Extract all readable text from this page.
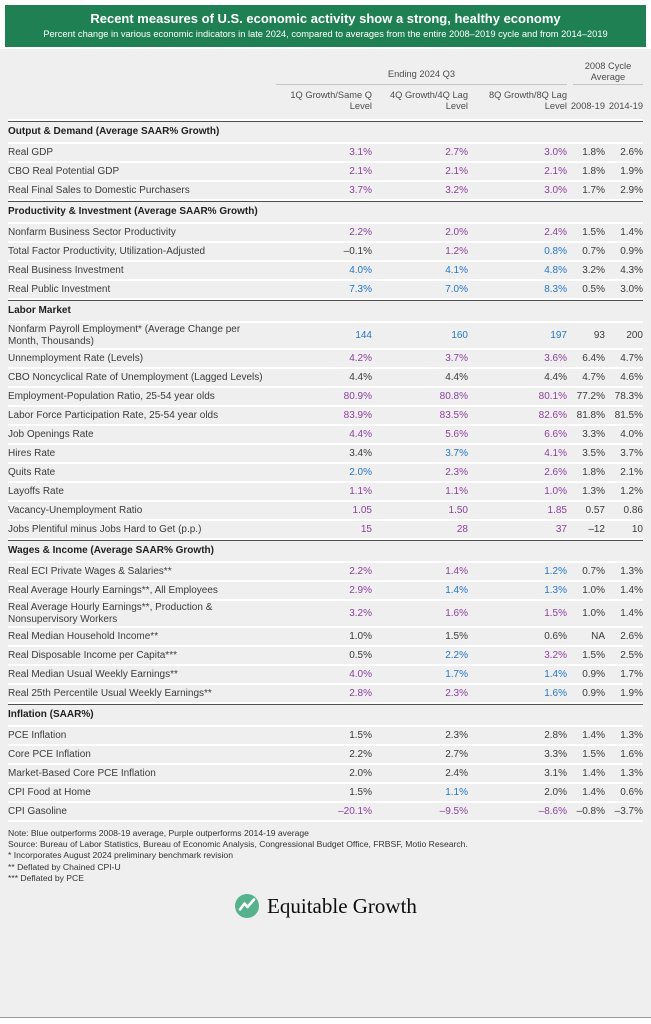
Recent measures of U.S. economic activity show a strong, healthy economy
Percent change in various economic indicators in late 2024, compared to averages from the entire 2008–2019 cycle and from 2014–2019
Ending 2024 Q3
2008 Cycle Average
1Q Growth/Same Q Level
4Q Growth/4Q Lag Level
8Q Growth/8Q Lag Level 2008-19 2014-19
Output & Demand (Average SAAR% Growth)
Real GDP	3.1%	2.7%	3.0%	1.8%	2.6%
CBO Real Potential GDP	2.1%	2.1%	2.1%	1.8%	1.9%
Real Final Sales to Domestic Purchasers	3.7%	3.2%	3.0%	1.7%	2.9%
Productivity & Investment (Average SAAR% Growth)
Nonfarm Business Sector Productivity	2.2%	2.0%	2.4%	1.5%	1.4%
Total Factor Productivity, Utilization-Adjusted	–0.1%	1.2%	0.8%	0.7%	0.9%
Real Business Investment	4.0%	4.1%	4.8%	3.2%	4.3%
Real Public Investment	7.3%	7.0%	8.3%	0.5%	3.0%
Labor Market
Nonfarm Payroll Employment* (Average Change per Month, Thousands)	144	160	197	93	200
Unnemployment Rate (Levels)	4.2%	3.7%	3.6%	6.4%	4.7%
CBO Noncyclical Rate of Unemployment (Lagged Levels)	4.4%	4.4%	4.4%	4.7%	4.6%
Employment-Population Ratio, 25-54 year olds	80.9%	80.8%	80.1% 77.2% 78.3%
Labor Force Participation Rate, 25-54 year olds	83.9%	83.5%	82.6% 81.8% 81.5%
Job Openings Rate	4.4%	5.6%	6.6%	3.3%	4.0%
Hires Rate	3.4%	3.7%	4.1%	3.5%	3.7%
Quits Rate	2.0%	2.3%	2.6%	1.8%	2.1%
Layoffs Rate	1.1%	1.1%	1.0%	1.3%	1.2%
Vacancy-Unemployment Ratio	1.05	1.50	1.85	0.57	0.86
Jobs Plentiful minus Jobs Hard to Get (p.p.)	15	28	37	–12	10
Wages & Income (Average SAAR% Growth)
Real ECI Private Wages & Salaries**	2.2%	1.4%	1.2%	0.7%	1.3%
Real Average Hourly Earnings**, All Employees	2.9%	1.4%	1.3%	1.0%	1.4%
Real Average Hourly Earnings**, Production & Nonsupervisory Workers	3.2%	1.6%	1.5%	1.0%	1.4%
Real Median Household Income**	1.0%	1.5%	0.6%	NA	2.6%
Real Disposable Income per Capita***	0.5%	2.2%	3.2%	1.5%	2.5%
Real Median Usual Weekly Earnings**	4.0%	1.7%	1.4%	0.9%	1.7%
Real 25th Percentile Usual Weekly Earnings**	2.8%	2.3%	1.6%	0.9%	1.9%
Inflation (SAAR%)
PCE Inflation	1.5%	2.3%	2.8%	1.4%	1.3%
Core PCE Inflation	2.2%	2.7%	3.3%	1.5%	1.6%
Market-Based Core PCE Inflation	2.0%	2.4%	3.1%	1.4%	1.3%
CPI Food at Home	1.5%	1.1%	2.0%	1.4%	0.6%
CPI Gasoline	–20.1%	–9.5%	–8.6% –0.8% –3.7%
Note: Blue outperforms 2008-19 average, Purple outperforms 2014-19 average
Source: Bureau of Labor Statistics, Bureau of Economic Analysis, Congressional Budget Office, FRBSF, Motio Research.
* Incorporates August 2024 preliminary benchmark revision
** Deflated by Chained CPI-U
*** Deflated by PCE
Equitable Growth
